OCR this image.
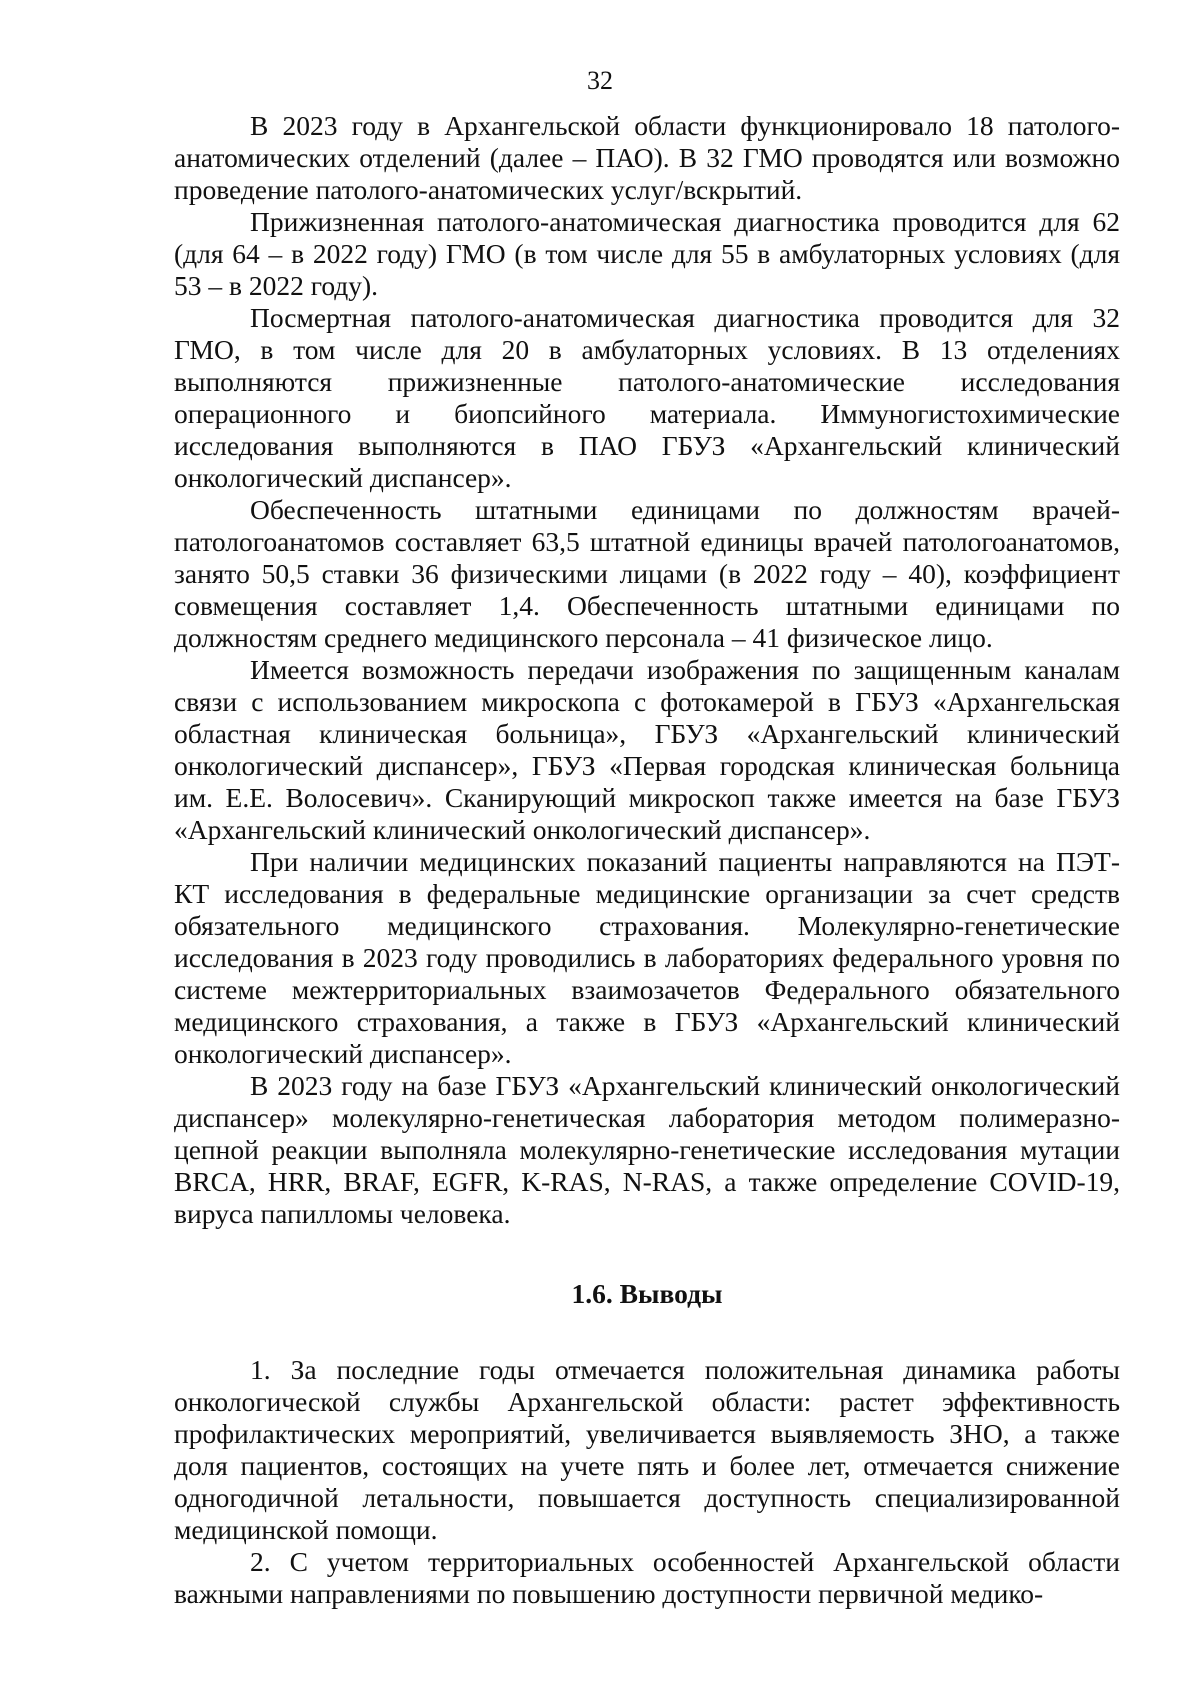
32

В 2023 году в Архангельской области функционировало 18 патолого-анатомических отделений (далее – ПАО). В 32 ГМО проводятся или возможно проведение патолого-анатомических услуг/вскрытий.

Прижизненная патолого-анатомическая диагностика проводится для 62 (для 64 – в 2022 году) ГМО (в том числе для 55 в амбулаторных условиях (для 53 – в 2022 году).

Посмертная патолого-анатомическая диагностика проводится для 32 ГМО, в том числе для 20 в амбулаторных условиях. В 13 отделениях выполняются прижизненные патолого-анатомические исследования операционного и биопсийного материала. Иммуногистохимические исследования выполняются в ПАО ГБУЗ «Архангельский клинический онкологический диспансер».

Обеспеченность штатными единицами по должностям врачей-патологоанатомов составляет 63,5 штатной единицы врачей патологоанатомов, занято 50,5 ставки 36 физическими лицами (в 2022 году – 40), коэффициент совмещения составляет 1,4. Обеспеченность штатными единицами по должностям среднего медицинского персонала – 41 физическое лицо.

Имеется возможность передачи изображения по защищенным каналам связи с использованием микроскопа с фотокамерой в ГБУЗ «Архангельская областная клиническая больница», ГБУЗ «Архангельский клинический онкологический диспансер», ГБУЗ «Первая городская клиническая больница им. Е.Е. Волосевич». Сканирующий микроскоп также имеется на базе ГБУЗ «Архангельский клинический онкологический диспансер».

При наличии медицинских показаний пациенты направляются на ПЭТ-КТ исследования в федеральные медицинские организации за счет средств обязательного медицинского страхования. Молекулярно-генетические исследования в 2023 году проводились в лабораториях федерального уровня по системе межтерриториальных взаимозачетов Федерального обязательного медицинского страхования, а также в ГБУЗ «Архангельский клинический онкологический диспансер».

В 2023 году на базе ГБУЗ «Архангельский клинический онкологический диспансер» молекулярно-генетическая лаборатория методом полимеразно-цепной реакции выполняла молекулярно-генетические исследования мутации BRCA, HRR, BRAF, EGFR, K-RAS, N-RAS, а также определение COVID-19, вируса папилломы человека.

1.6. Выводы

1. За последние годы отмечается положительная динамика работы онкологической службы Архангельской области: растет эффективность профилактических мероприятий, увеличивается выявляемость ЗНО, а также доля пациентов, состоящих на учете пять и более лет, отмечается снижение одногодичной летальности, повышается доступность специализированной медицинской помощи.

2. С учетом территориальных особенностей Архангельской области важными направлениями по повышению доступности первичной медико-
